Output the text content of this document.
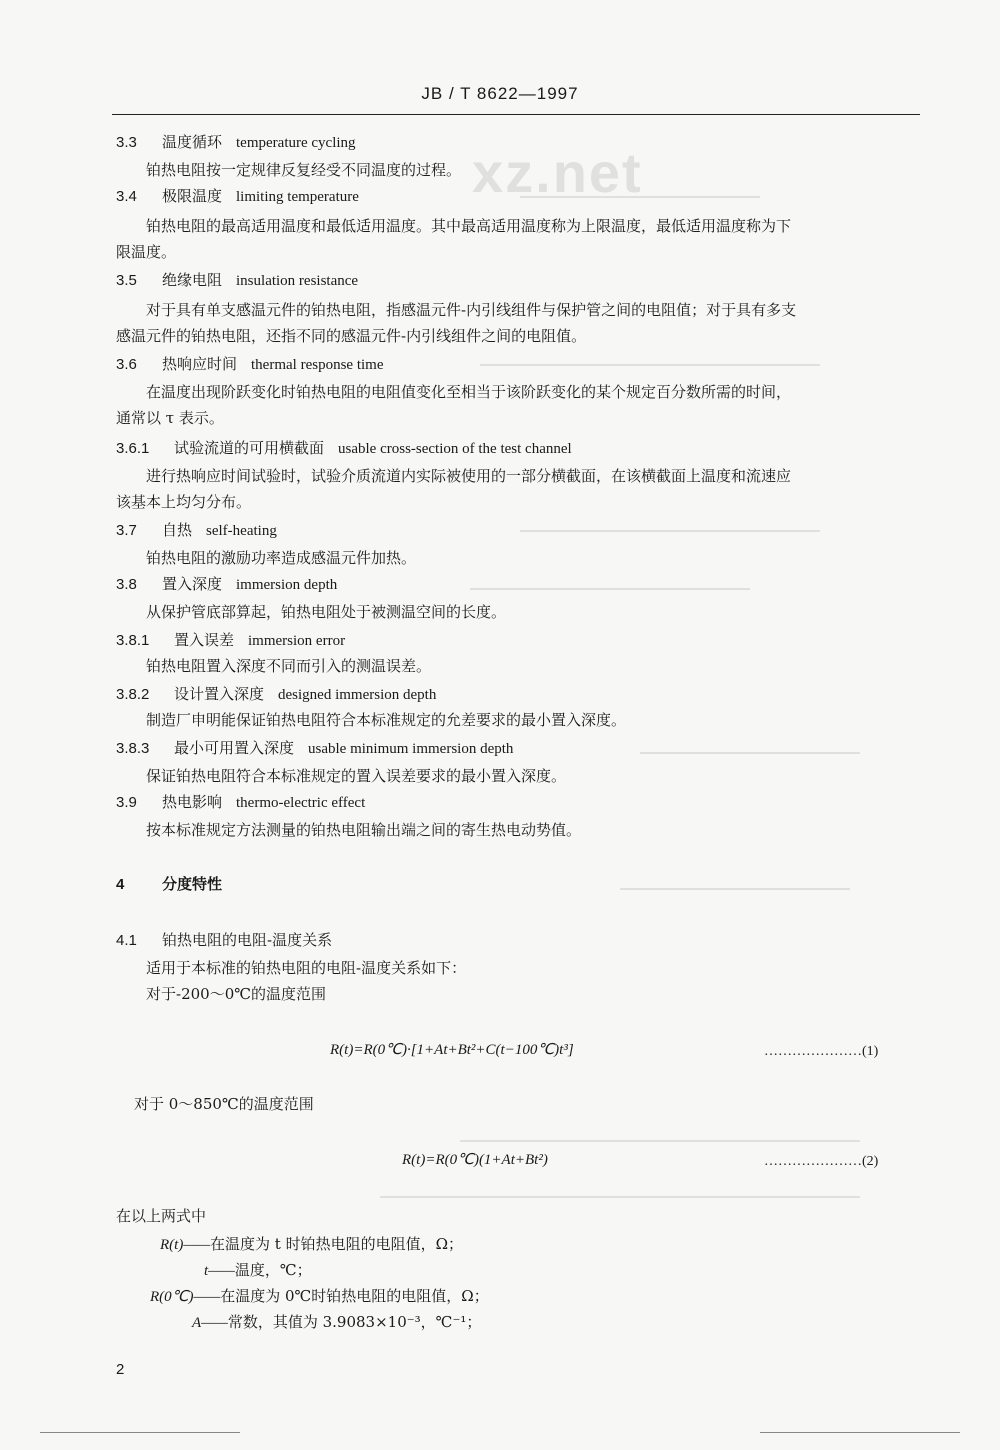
xz.net
JB / T 8622—1997
3.3 温度循环 temperature cycling
铂热电阻按一定规律反复经受不同温度的过程。
3.4 极限温度 limiting temperature
铂热电阻的最高适用温度和最低适用温度。其中最高适用温度称为上限温度，最低适用温度称为下
限温度。
3.5 绝缘电阻 insulation resistance
对于具有单支感温元件的铂热电阻，指感温元件-内引线组件与保护管之间的电阻值；对于具有多支
感温元件的铂热电阻，还指不同的感温元件-内引线组件之间的电阻值。
3.6 热响应时间 thermal response time
在温度出现阶跃变化时铂热电阻的电阻值变化至相当于该阶跃变化的某个规定百分数所需的时间，
通常以 τ 表示。
3.6.1 试验流道的可用横截面 usable cross-section of the test channel
进行热响应时间试验时，试验介质流道内实际被使用的一部分横截面，在该横截面上温度和流速应
该基本上均匀分布。
3.7 自热 self-heating
铂热电阻的激励功率造成感温元件加热。
3.8 置入深度 immersion depth
从保护管底部算起，铂热电阻处于被测温空间的长度。
3.8.1 置入误差 immersion error
铂热电阻置入深度不同而引入的测温误差。
3.8.2 设计置入深度 designed immersion depth
制造厂申明能保证铂热电阻符合本标准规定的允差要求的最小置入深度。
3.8.3 最小可用置入深度 usable minimum immersion depth
保证铂热电阻符合本标准规定的置入误差要求的最小置入深度。
3.9 热电影响 thermo-electric effect
按本标准规定方法测量的铂热电阻输出端之间的寄生热电动势值。
4	分度特性
4.1 铂热电阻的电阻-温度关系
适用于本标准的铂热电阻的电阻-温度关系如下：
对于-200～0℃的温度范围
R(t)=R(0℃)·[1+At+Bt²+C(t−100℃)t³]	…………………(1)
对于 0～850℃的温度范围
R(t)=R(0℃)(1+At+Bt²)	…………………(2)
在以上两式中
R(t)——在温度为 t 时铂热电阻的电阻值，Ω；
t——温度，℃；
R(0℃)——在温度为 0℃时铂热电阻的电阻值，Ω；
A——常数，其值为 3.9083×10⁻³，℃⁻¹；
2
